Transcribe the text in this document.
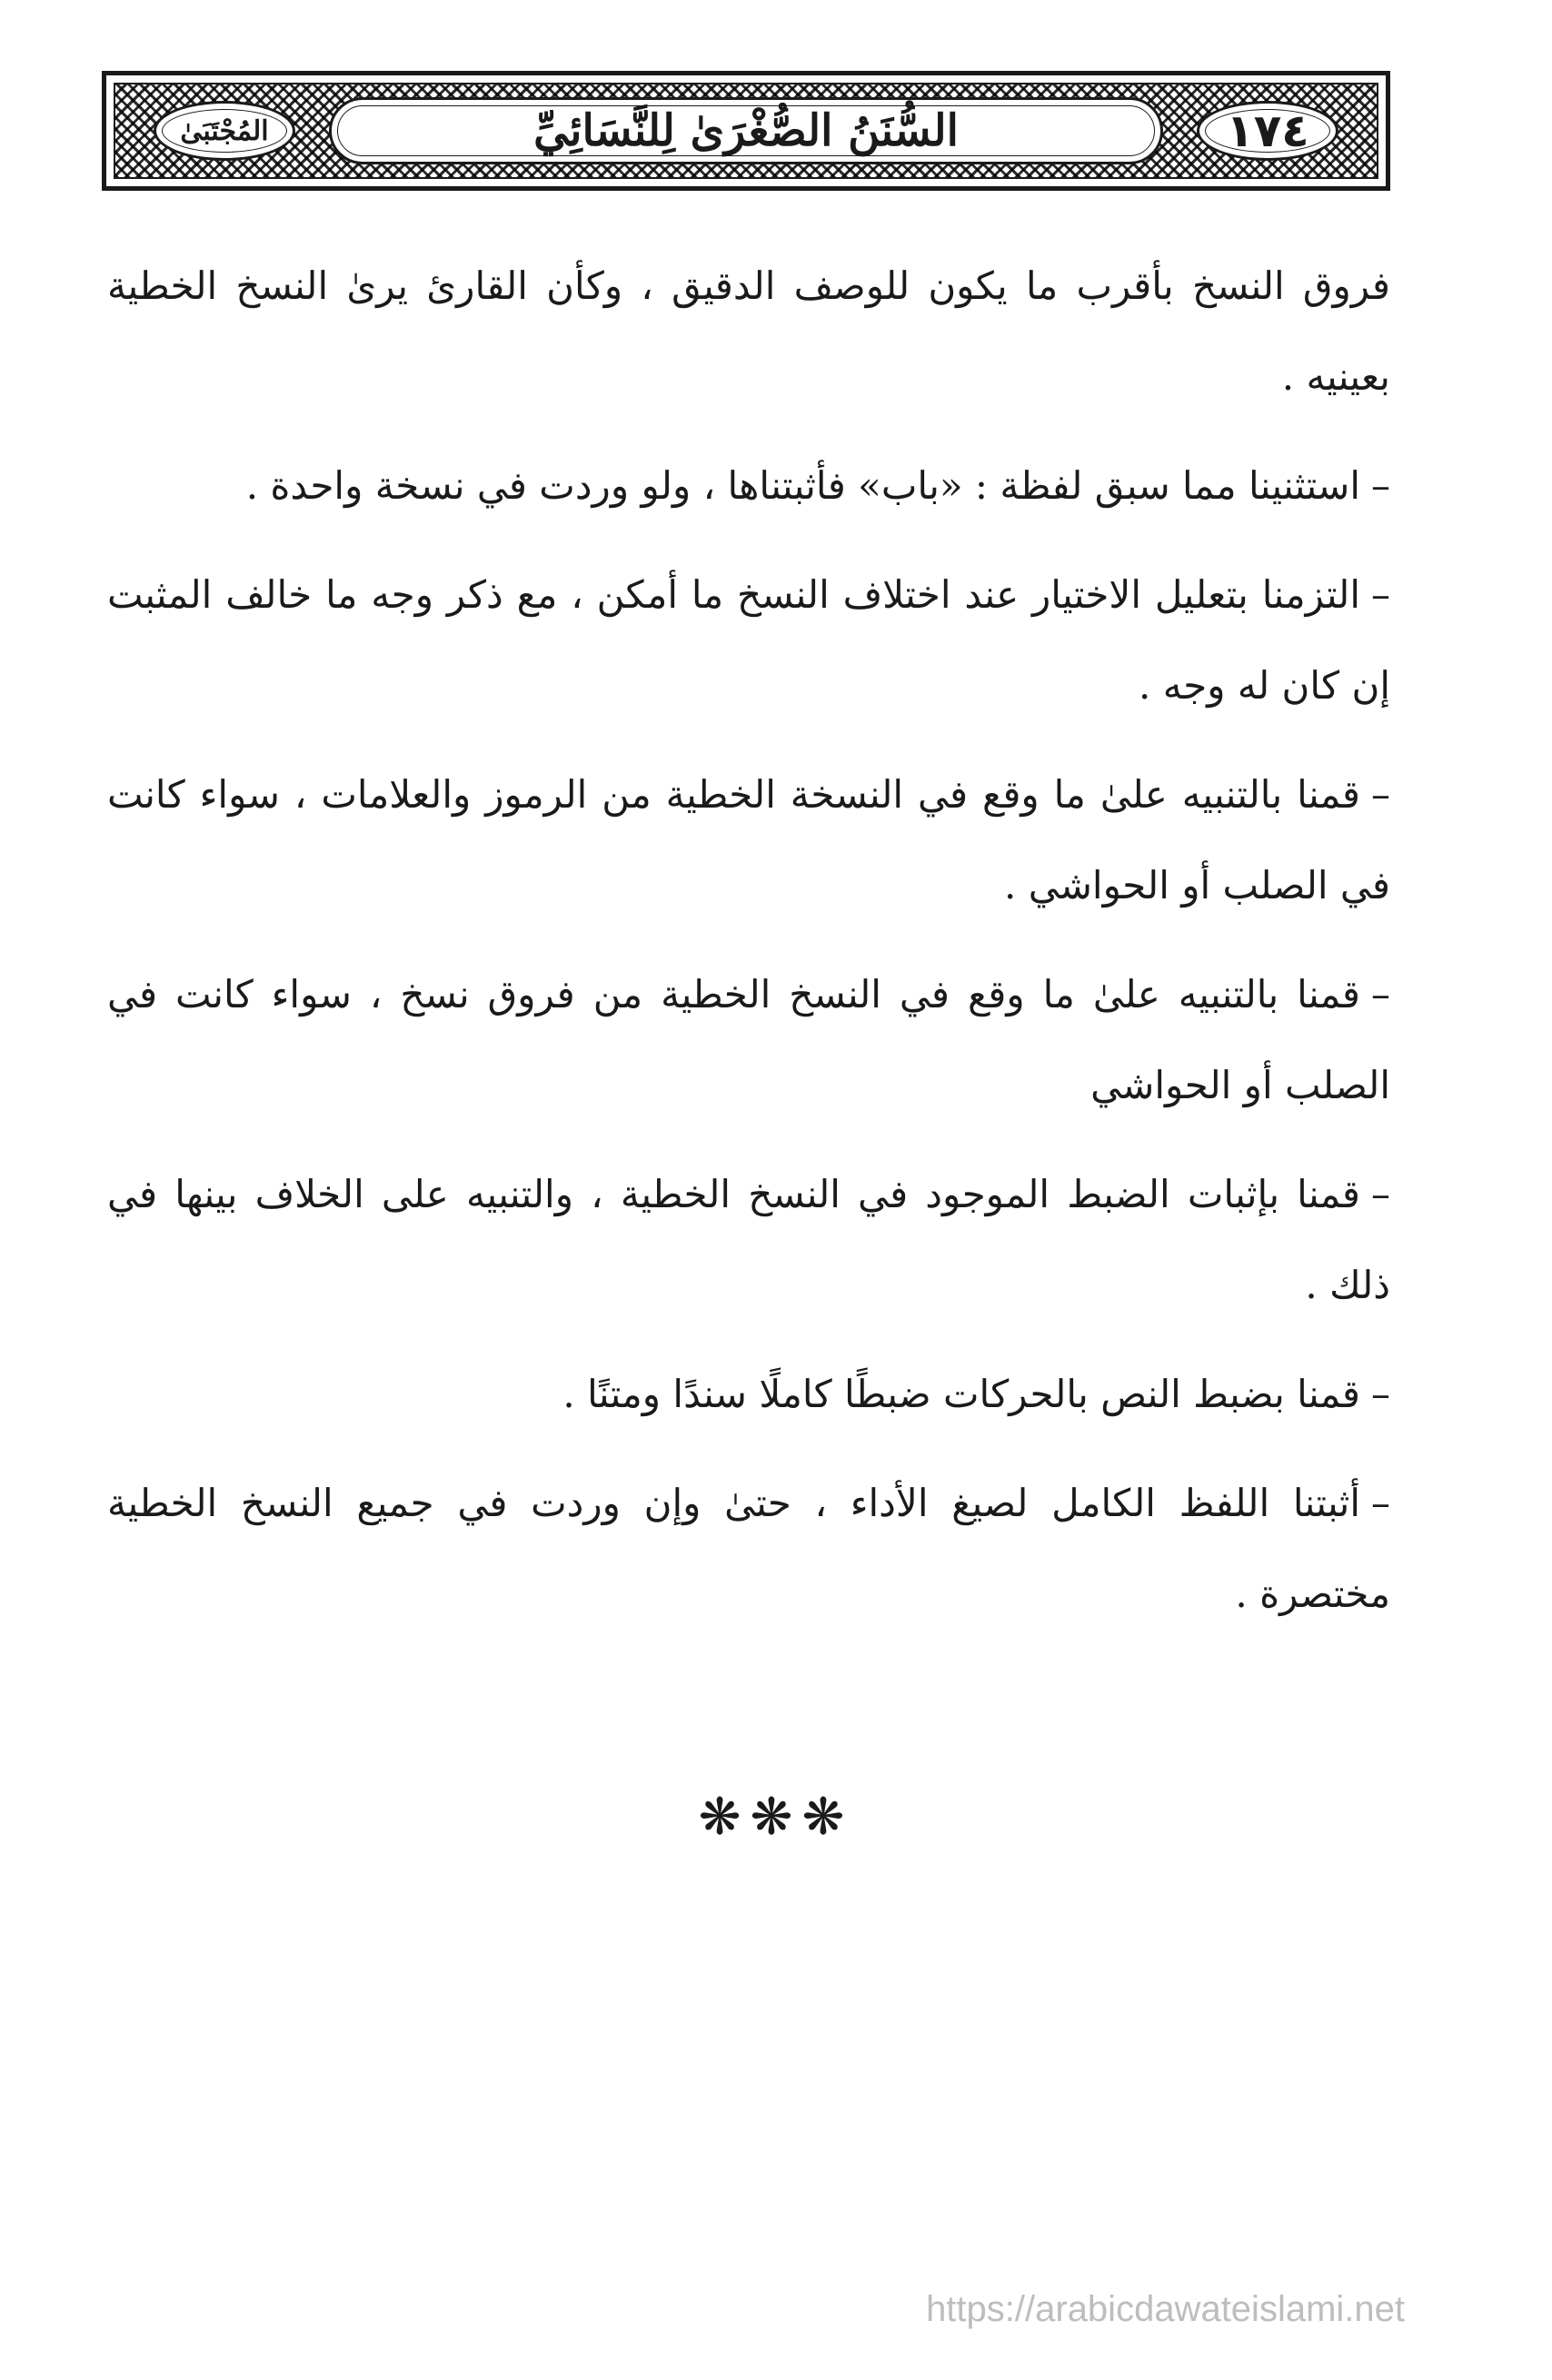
١٧٤
السُّنَنُ الصُّغْرَىٰ لِلنَّسَائِيِّ
المُجْتَبَىٰ

فروق النسخ بأقرب ما يكون للوصف الدقيق ، وكأن القارئ يرىٰ النسخ الخطية بعينيه .

–استثنينا مما سبق لفظة : «باب» فأثبتناها ، ولو وردت في نسخة واحدة .

–التزمنا بتعليل الاختيار عند اختلاف النسخ ما أمكن ، مع ذكر وجه ما خالف المثبت إن كان له وجه .

–قمنا بالتنبيه علىٰ ما وقع في النسخة الخطية من الرموز والعلامات ، سواء كانت في الصلب أو الحواشي .

–قمنا بالتنبيه علىٰ ما وقع في النسخ الخطية من فروق نسخ ، سواء كانت في الصلب أو الحواشي

–قمنا بإثبات الضبط الموجود في النسخ الخطية ، والتنبيه على الخلاف بينها في ذلك .

–قمنا بضبط النص بالحركات ضبطًا كاملًا سندًا ومتنًا .

–أثبتنا اللفظ الكامل لصيغ الأداء ، حتىٰ وإن وردت في جميع النسخ الخطية مختصرة .

❋❋❋
https://arabicdawateislami.net
